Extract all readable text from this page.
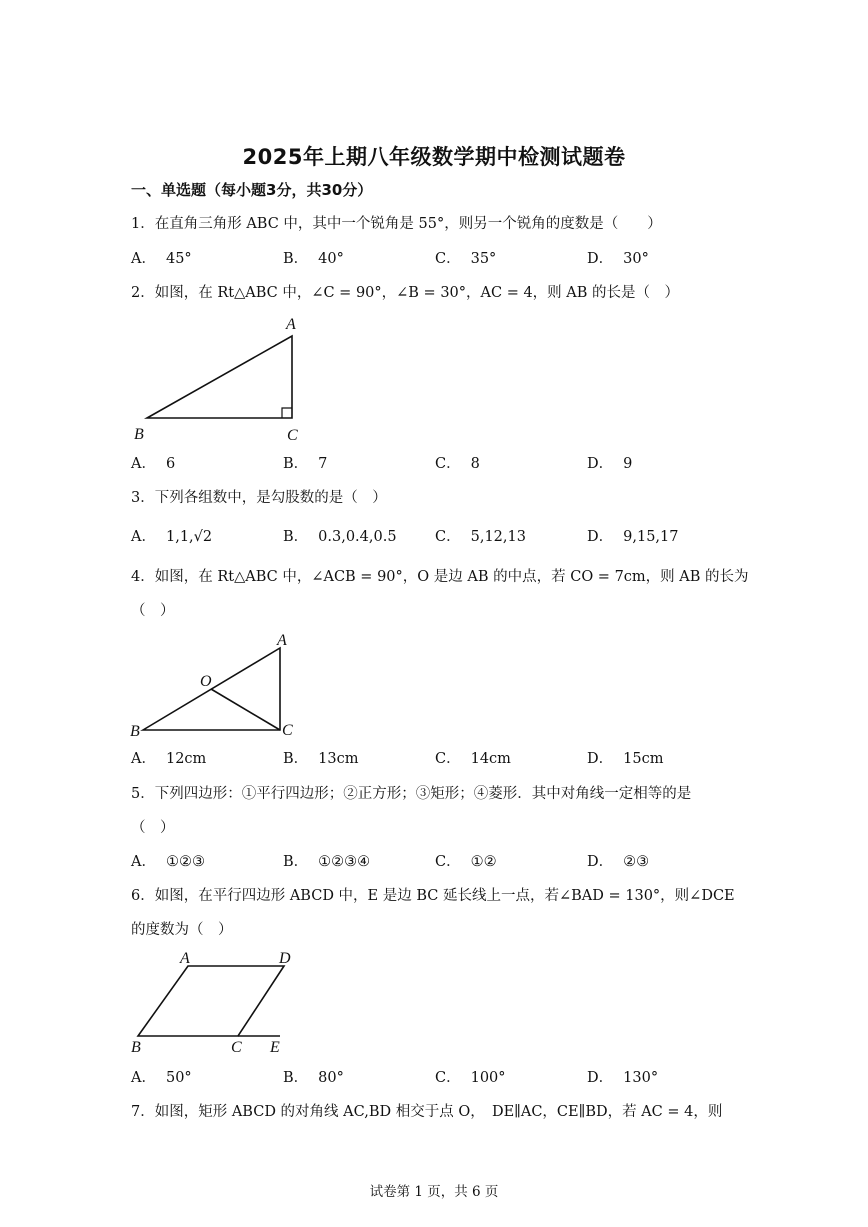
2025年上期八年级数学期中检测试题卷
一、单选题（每小题3分，共30分）
1．在直角三角形 ABC 中，其中一个锐角是 55°，则另一个锐角的度数是（　　）
A． 45°	B． 40°	C． 35°	D． 30°
2．如图，在 Rt△ABC 中，∠C = 90°，∠B = 30°，AC = 4，则 AB 的长是（　）
A
B	C
A． 6	B． 7	C． 8	D． 9
3．下列各组数中，是勾股数的是（　）
A． 1,1,√2	B． 0.3,0.4,0.5	C． 5,12,13	D． 9,15,17
4．如图，在 Rt△ABC 中，∠ACB = 90°，O 是边 AB 的中点，若 CO = 7cm，则 AB 的长为
（　）
A
B	C
O
A． 12cm	B． 13cm	C． 14cm	D． 15cm
5．下列四边形：①平行四边形；②正方形；③矩形；④菱形．其中对角线一定相等的是
（　）
A． ①②③	B． ①②③④	C． ①②	D． ②③
6．如图，在平行四边形 ABCD 中，E 是边 BC 延长线上一点，若∠BAD = 130°，则∠DCE
的度数为（　）
A	D
B	C E
A． 50°	B． 80°	C． 100°	D． 130°
7．如图，矩形 ABCD 的对角线 AC,BD 相交于点 O，　DE∥AC，CE∥BD，若 AC = 4，则
试卷第 1 页，共 6 页
